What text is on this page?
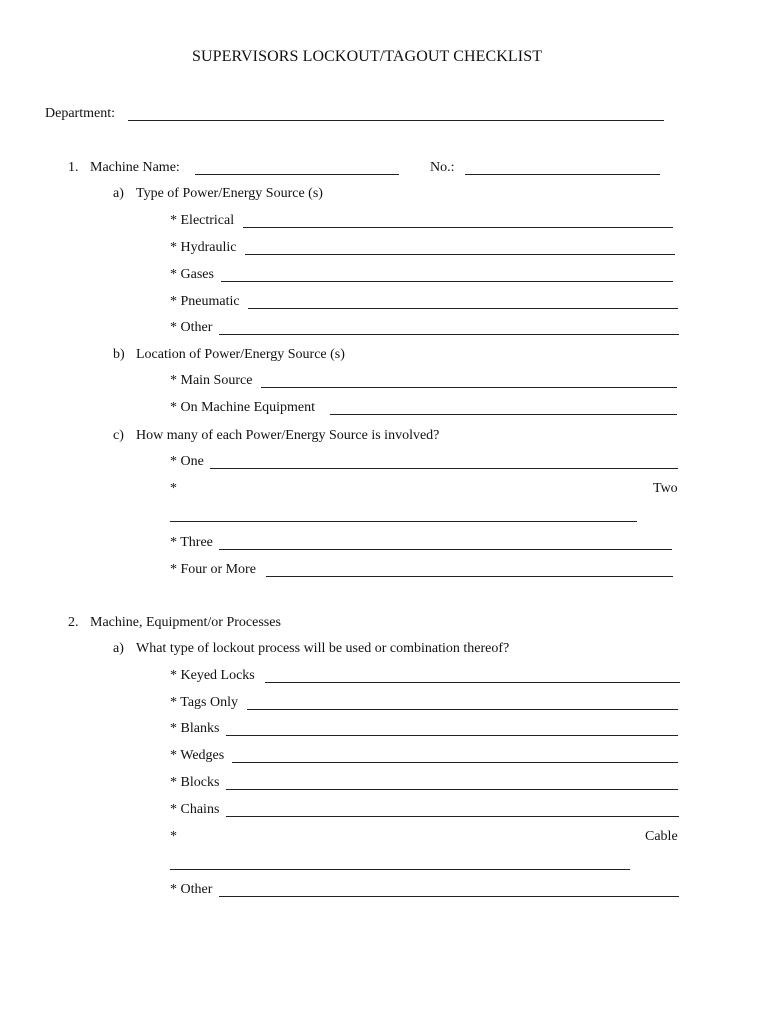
SUPERVISORS LOCKOUT/TAGOUT CHECKLIST
Department:
1. Machine Name:	No.:
a) Type of Power/Energy Source (s)
* Electrical
* Hydraulic
* Gases
* Pneumatic
* Other
b) Location of Power/Energy Source (s)
* Main Source
* On Machine Equipment
c) How many of each Power/Energy Source is involved?
* One
*	Two
* Three
* Four or More
2. Machine, Equipment/or Processes
a) What type of lockout process will be used or combination thereof?
* Keyed Locks
* Tags Only
* Blanks
* Wedges
* Blocks
* Chains
*	Cable
* Other
